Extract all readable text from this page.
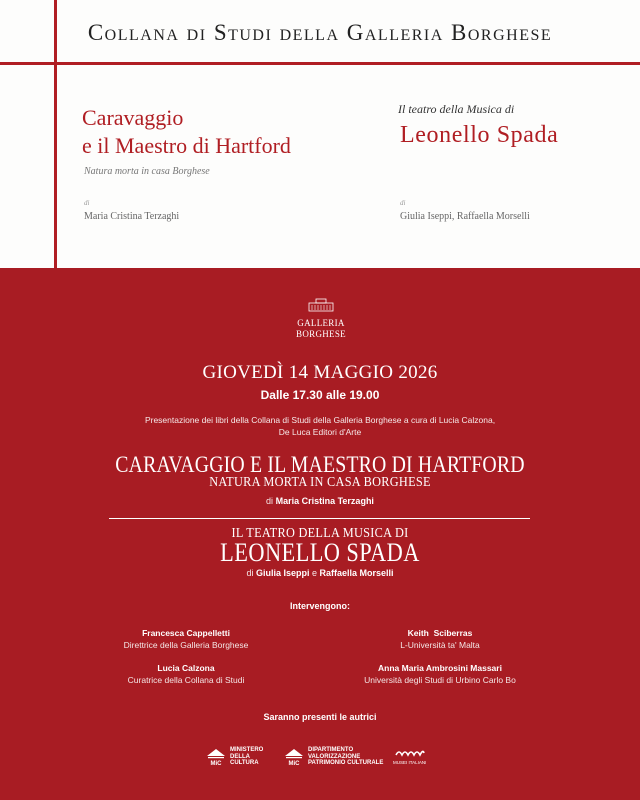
Collana di Studi della Galleria Borghese
Caravaggio
e il Maestro di Hartford
Natura morta in casa Borghese
di
Maria Cristina Terzaghi
Il teatro della Musica di
Leonello Spada
di
Giulia Iseppi, Raffaella Morselli
GALLERIA
BORGHESE
GIOVEDÌ 14 MAGGIO 2026
Dalle 17.30 alle 19.00
Presentazione dei libri della Collana di Studi della Galleria Borghese a cura di Lucia Calzona,
De Luca Editori d'Arte
CARAVAGGIO E IL MAESTRO DI HARTFORD
NATURA MORTA IN CASA BORGHESE
di Maria Cristina Terzaghi
IL TEATRO DELLA MUSICA DI
LEONELLO SPADA
di Giulia Iseppi e Raffaella Morselli
Intervengono:
Francesca Cappelletti
Direttrice della Galleria Borghese
Lucia Calzona
Curatrice della Collana di Studi
Keith  Sciberras
L-Università ta' Malta
Anna Maria Ambrosini Massari
Università degli Studi di Urbino Carlo Bo
Saranno presenti le autrici
MiC
MINISTERO
DELLA
CULTURA	MiC
DIPARTIMENTO
VALORIZZAZIONE
PATRIMONIO CULTURALE MUSEI ITALIANI
